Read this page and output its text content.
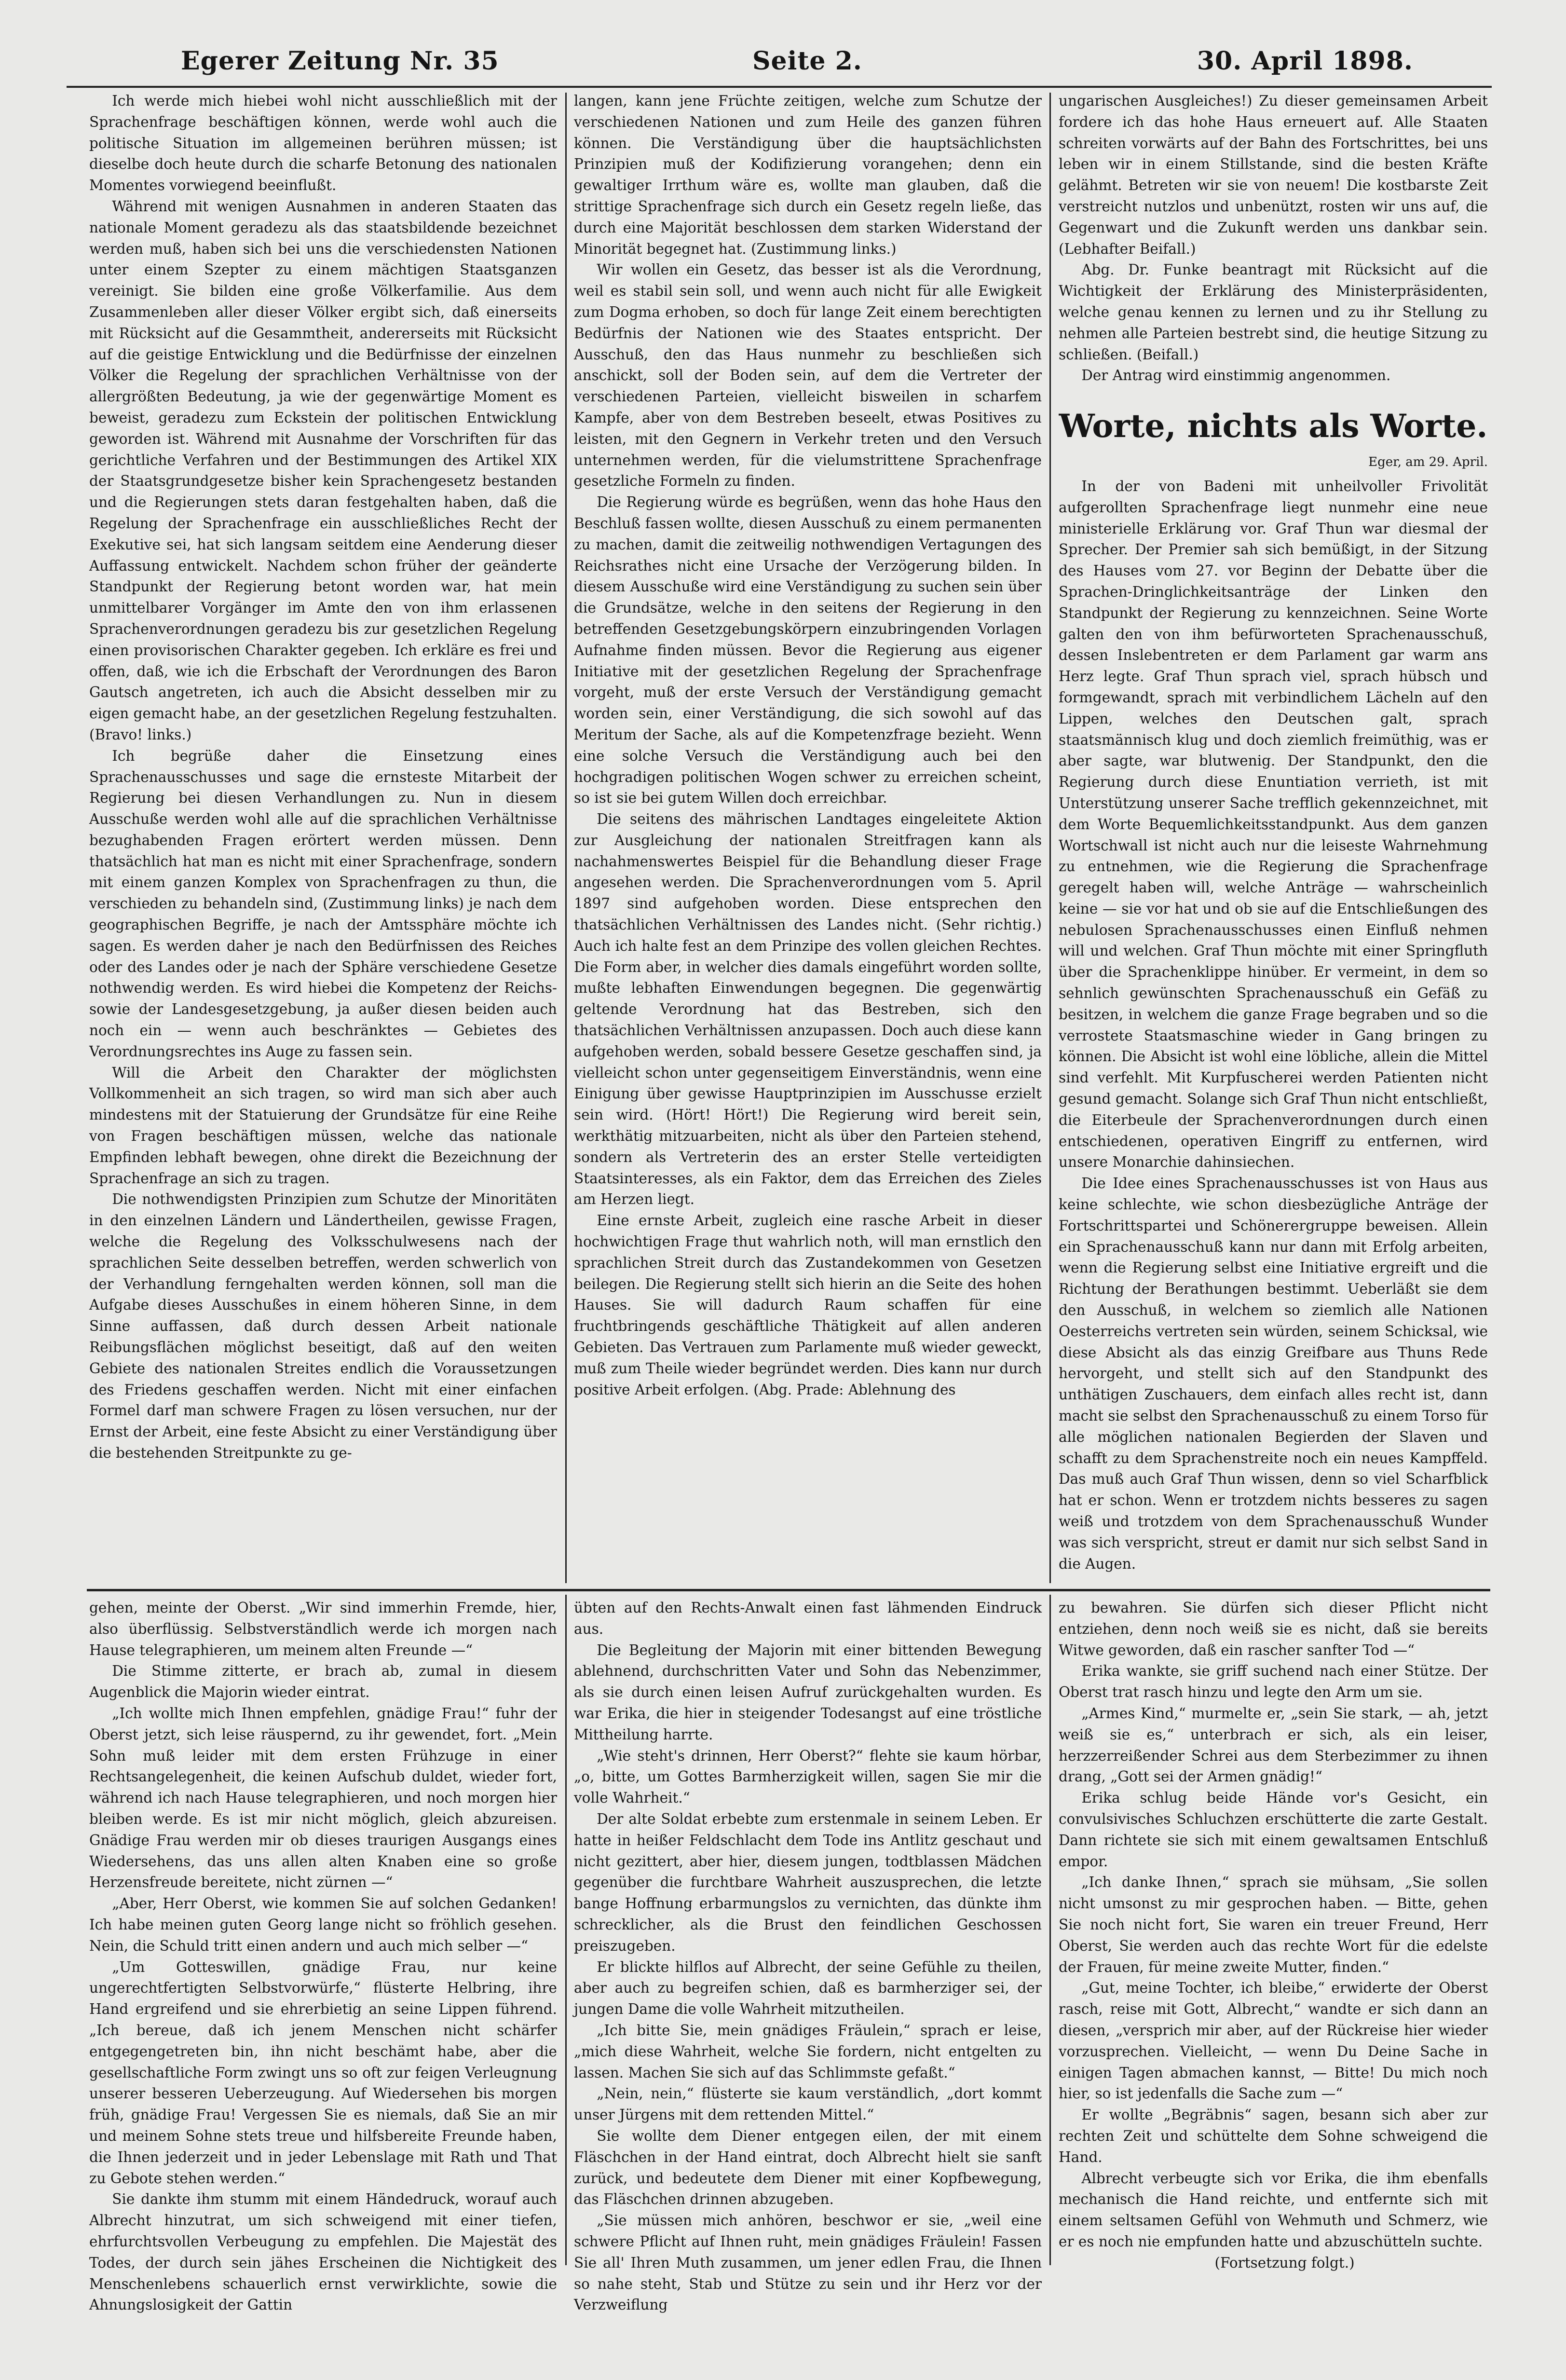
Egerer Zeitung Nr. 35	Seite 2.	30. April 1898.

Ich werde mich hiebei wohl nicht ausschließlich mit der Sprachenfrage beschäftigen können, werde wohl auch die politische Situation im allgemeinen berühren müssen; ist dieselbe doch heute durch die scharfe Betonung des nationalen Momentes vorwiegend beeinflußt.

Während mit wenigen Ausnahmen in anderen Staaten das nationale Moment geradezu als das staatsbildende bezeichnet werden muß, haben sich bei uns die verschiedensten Nationen unter einem Szepter zu einem mächtigen Staatsganzen vereinigt. Sie bilden eine große Völkerfamilie. Aus dem Zusammenleben aller dieser Völker ergibt sich, daß einerseits mit Rücksicht auf die Gesammtheit, andererseits mit Rücksicht auf die geistige Entwicklung und die Bedürfnisse der einzelnen Völker die Regelung der sprachlichen Verhältnisse von der allergrößten Bedeutung, ja wie der gegenwärtige Moment es beweist, geradezu zum Eckstein der politischen Entwicklung geworden ist. Während mit Ausnahme der Vorschriften für das gerichtliche Verfahren und der Bestimmungen des Artikel XIX der Staatsgrundgesetze bisher kein Sprachengesetz bestanden und die Regierungen stets daran festgehalten haben, daß die Regelung der Sprachenfrage ein ausschließliches Recht der Exekutive sei, hat sich langsam seitdem eine Aenderung dieser Auffassung entwickelt. Nachdem schon früher der geänderte Standpunkt der Regierung betont worden war, hat mein unmittelbarer Vorgänger im Amte den von ihm erlassenen Sprachenverordnungen geradezu bis zur gesetzlichen Regelung einen provisorischen Charakter gegeben. Ich erkläre es frei und offen, daß, wie ich die Erbschaft der Verordnungen des Baron Gautsch angetreten, ich auch die Absicht desselben mir zu eigen gemacht habe, an der gesetzlichen Regelung festzuhalten. (Bravo! links.)

Ich begrüße daher die Einsetzung eines Sprachenausschusses und sage die ernsteste Mitarbeit der Regierung bei diesen Verhandlungen zu. Nun in diesem Ausschuße werden wohl alle auf die sprachlichen Verhältnisse bezughabenden Fragen erörtert werden müssen. Denn thatsächlich hat man es nicht mit einer Sprachenfrage, sondern mit einem ganzen Komplex von Sprachenfragen zu thun, die verschieden zu behandeln sind, (Zustimmung links) je nach dem geographischen Begriffe, je nach der Amtssphäre möchte ich sagen. Es werden daher je nach den Bedürfnissen des Reiches oder des Landes oder je nach der Sphäre verschiedene Gesetze nothwendig werden. Es wird hiebei die Kompetenz der Reichs- sowie der Landesgesetzgebung, ja außer diesen beiden auch noch ein — wenn auch beschränktes — Gebietes des Verordnungsrechtes ins Auge zu fassen sein.

Will die Arbeit den Charakter der möglichsten Vollkommenheit an sich tragen, so wird man sich aber auch mindestens mit der Statuierung der Grundsätze für eine Reihe von Fragen beschäftigen müssen, welche das nationale Empfinden lebhaft bewegen, ohne direkt die Bezeichnung der Sprachenfrage an sich zu tragen.

Die nothwendigsten Prinzipien zum Schutze der Minoritäten in den einzelnen Ländern und Ländertheilen, gewisse Fragen, welche die Regelung des Volksschulwesens nach der sprachlichen Seite desselben betreffen, werden schwerlich von der Verhandlung ferngehalten werden können, soll man die Aufgabe dieses Ausschußes in einem höheren Sinne, in dem Sinne auffassen, daß durch dessen Arbeit nationale Reibungsflächen möglichst beseitigt, daß auf den weiten Gebiete des nationalen Streites endlich die Voraussetzungen des Friedens geschaffen werden. Nicht mit einer einfachen Formel darf man schwere Fragen zu lösen versuchen, nur der Ernst der Arbeit, eine feste Absicht zu einer Verständigung über die bestehenden Streitpunkte zu ge-

langen, kann jene Früchte zeitigen, welche zum Schutze der verschiedenen Nationen und zum Heile des ganzen führen können. Die Verständigung über die hauptsächlichsten Prinzipien muß der Kodifizierung vorangehen; denn ein gewaltiger Irrthum wäre es, wollte man glauben, daß die strittige Sprachenfrage sich durch ein Gesetz regeln ließe, das durch eine Majorität beschlossen dem starken Widerstand der Minorität begegnet hat. (Zustimmung links.)

Wir wollen ein Gesetz, das besser ist als die Verordnung, weil es stabil sein soll, und wenn auch nicht für alle Ewigkeit zum Dogma erhoben, so doch für lange Zeit einem berechtigten Bedürfnis der Nationen wie des Staates entspricht. Der Ausschuß, den das Haus nunmehr zu beschließen sich anschickt, soll der Boden sein, auf dem die Vertreter der verschiedenen Parteien, vielleicht bisweilen in scharfem Kampfe, aber von dem Bestreben beseelt, etwas Positives zu leisten, mit den Gegnern in Verkehr treten und den Versuch unternehmen werden, für die vielumstrittene Sprachenfrage gesetzliche Formeln zu finden.

Die Regierung würde es begrüßen, wenn das hohe Haus den Beschluß fassen wollte, diesen Ausschuß zu einem permanenten zu machen, damit die zeitweilig nothwendigen Vertagungen des Reichsrathes nicht eine Ursache der Verzögerung bilden. In diesem Ausschuße wird eine Verständigung zu suchen sein über die Grundsätze, welche in den seitens der Regierung in den betreffenden Gesetzgebungskörpern einzubringenden Vorlagen Aufnahme finden müssen. Bevor die Regierung aus eigener Initiative mit der gesetzlichen Regelung der Sprachenfrage vorgeht, muß der erste Versuch der Verständigung gemacht worden sein, einer Verständigung, die sich sowohl auf das Meritum der Sache, als auf die Kompetenzfrage bezieht. Wenn eine solche Versuch die Verständigung auch bei den hochgradigen politischen Wogen schwer zu erreichen scheint, so ist sie bei gutem Willen doch erreichbar.

Die seitens des mährischen Landtages eingeleitete Aktion zur Ausgleichung der nationalen Streitfragen kann als nachahmenswertes Beispiel für die Behandlung dieser Frage angesehen werden. Die Sprachenverordnungen vom 5. April 1897 sind aufgehoben worden. Diese entsprechen den thatsächlichen Verhältnissen des Landes nicht. (Sehr richtig.) Auch ich halte fest an dem Prinzipe des vollen gleichen Rechtes. Die Form aber, in welcher dies damals eingeführt worden sollte, mußte lebhaften Einwendungen begegnen. Die gegenwärtig geltende Verordnung hat das Bestreben, sich den thatsächlichen Verhältnissen anzupassen. Doch auch diese kann aufgehoben werden, sobald bessere Gesetze geschaffen sind, ja vielleicht schon unter gegenseitigem Einverständnis, wenn eine Einigung über gewisse Hauptprinzipien im Ausschusse erzielt sein wird. (Hört! Hört!) Die Regierung wird bereit sein, werkthätig mitzuarbeiten, nicht als über den Parteien stehend, sondern als Vertreterin des an erster Stelle verteidigten Staatsinteresses, als ein Faktor, dem das Erreichen des Zieles am Herzen liegt.

Eine ernste Arbeit, zugleich eine rasche Arbeit in dieser hochwichtigen Frage thut wahrlich noth, will man ernstlich den sprachlichen Streit durch das Zustandekommen von Gesetzen beilegen. Die Regierung stellt sich hierin an die Seite des hohen Hauses. Sie will dadurch Raum schaffen für eine fruchtbringends geschäftliche Thätigkeit auf allen anderen Gebieten. Das Vertrauen zum Parlamente muß wieder geweckt, muß zum Theile wieder begründet werden. Dies kann nur durch positive Arbeit erfolgen. (Abg. Prade: Ablehnung des

ungarischen Ausgleiches!) Zu dieser gemeinsamen Arbeit fordere ich das hohe Haus erneuert auf. Alle Staaten schreiten vorwärts auf der Bahn des Fortschrittes, bei uns leben wir in einem Stillstande, sind die besten Kräfte gelähmt. Betreten wir sie von neuem! Die kostbarste Zeit verstreicht nutzlos und unbenützt, rosten wir uns auf, die Gegenwart und die Zukunft werden uns dankbar sein. (Lebhafter Beifall.)

Abg. Dr. Funke beantragt mit Rücksicht auf die Wichtigkeit der Erklärung des Ministerpräsidenten, welche genau kennen zu lernen und zu ihr Stellung zu nehmen alle Parteien bestrebt sind, die heutige Sitzung zu schließen. (Beifall.)

Der Antrag wird einstimmig angenommen.

Worte, nichts als Worte.
Eger, am 29. April.

In der von Badeni mit unheilvoller Frivolität aufgerollten Sprachenfrage liegt nunmehr eine neue ministerielle Erklärung vor. Graf Thun war diesmal der Sprecher. Der Premier sah sich bemüßigt, in der Sitzung des Hauses vom 27. vor Beginn der Debatte über die Sprachen-Dringlichkeitsanträge der Linken den Standpunkt der Regierung zu kennzeichnen. Seine Worte galten den von ihm befürworteten Sprachenausschuß, dessen Inslebentreten er dem Parlament gar warm ans Herz legte. Graf Thun sprach viel, sprach hübsch und formgewandt, sprach mit verbindlichem Lächeln auf den Lippen, welches den Deutschen galt, sprach staatsmännisch klug und doch ziemlich freimüthig, was er aber sagte, war blutwenig. Der Standpunkt, den die Regierung durch diese Enuntiation verrieth, ist mit Unterstützung unserer Sache trefflich gekennzeichnet, mit dem Worte Bequemlichkeitsstandpunkt. Aus dem ganzen Wortschwall ist nicht auch nur die leiseste Wahrnehmung zu entnehmen, wie die Regierung die Sprachenfrage geregelt haben will, welche Anträge — wahrscheinlich keine — sie vor hat und ob sie auf die Entschließungen des nebulosen Sprachenausschusses einen Einfluß nehmen will und welchen. Graf Thun möchte mit einer Springfluth über die Sprachenklippe hinüber. Er vermeint, in dem so sehnlich gewünschten Sprachenausschuß ein Gefäß zu besitzen, in welchem die ganze Frage begraben und so die verrostete Staatsmaschine wieder in Gang bringen zu können. Die Absicht ist wohl eine löbliche, allein die Mittel sind verfehlt. Mit Kurpfuscherei werden Patienten nicht gesund gemacht. Solange sich Graf Thun nicht entschließt, die Eiterbeule der Sprachenverordnungen durch einen entschiedenen, operativen Eingriff zu entfernen, wird unsere Monarchie dahinsiechen.

Die Idee eines Sprachenausschusses ist von Haus aus keine schlechte, wie schon diesbezügliche Anträge der Fortschrittspartei und Schönerergruppe beweisen. Allein ein Sprachenausschuß kann nur dann mit Erfolg arbeiten, wenn die Regierung selbst eine Initiative ergreift und die Richtung der Berathungen bestimmt. Ueberläßt sie dem den Ausschuß, in welchem so ziemlich alle Nationen Oesterreichs vertreten sein würden, seinem Schicksal, wie diese Absicht als das einzig Greifbare aus Thuns Rede hervorgeht, und stellt sich auf den Standpunkt des unthätigen Zuschauers, dem einfach alles recht ist, dann macht sie selbst den Sprachenausschuß zu einem Torso für alle möglichen nationalen Begierden der Slaven und schafft zu dem Sprachenstreite noch ein neues Kampffeld. Das muß auch Graf Thun wissen, denn so viel Scharfblick hat er schon. Wenn er trotzdem nichts besseres zu sagen weiß und trotzdem von dem Sprachenausschuß Wunder was sich verspricht, streut er damit nur sich selbst Sand in die Augen.

gehen, meinte der Oberst. „Wir sind immerhin Fremde, hier, also überflüssig. Selbstverständlich werde ich morgen nach Hause telegraphieren, um meinem alten Freunde —“

Die Stimme zitterte, er brach ab, zumal in diesem Augenblick die Majorin wieder eintrat.

„Ich wollte mich Ihnen empfehlen, gnädige Frau!“ fuhr der Oberst jetzt, sich leise räuspernd, zu ihr gewendet, fort. „Mein Sohn muß leider mit dem ersten Frühzuge in einer Rechtsangelegenheit, die keinen Aufschub duldet, wieder fort, während ich nach Hause telegraphieren, und noch morgen hier bleiben werde. Es ist mir nicht möglich, gleich abzureisen. Gnädige Frau werden mir ob dieses traurigen Ausgangs eines Wiedersehens, das uns allen alten Knaben eine so große Herzensfreude bereitete, nicht zürnen —“

„Aber, Herr Oberst, wie kommen Sie auf solchen Gedanken! Ich habe meinen guten Georg lange nicht so fröhlich gesehen. Nein, die Schuld tritt einen andern und auch mich selber —“

„Um Gotteswillen, gnädige Frau, nur keine ungerechtfertigten Selbstvorwürfe,“ flüsterte Helbring, ihre Hand ergreifend und sie ehrerbietig an seine Lippen führend. „Ich bereue, daß ich jenem Menschen nicht schärfer entgegengetreten bin, ihn nicht beschämt habe, aber die gesellschaftliche Form zwingt uns so oft zur feigen Verleugnung unserer besseren Ueberzeugung. Auf Wiedersehen bis morgen früh, gnädige Frau! Vergessen Sie es niemals, daß Sie an mir und meinem Sohne stets treue und hilfsbereite Freunde haben, die Ihnen jederzeit und in jeder Lebenslage mit Rath und That zu Gebote stehen werden.“

Sie dankte ihm stumm mit einem Händedruck, worauf auch Albrecht hinzutrat, um sich schweigend mit einer tiefen, ehrfurchtsvollen Verbeugung zu empfehlen. Die Majestät des Todes, der durch sein jähes Erscheinen die Nichtigkeit des Menschenlebens schauerlich ernst verwirklichte, sowie die Ahnungslosigkeit der Gattin

übten auf den Rechts-Anwalt einen fast lähmenden Eindruck aus.

Die Begleitung der Majorin mit einer bittenden Bewegung ablehnend, durchschritten Vater und Sohn das Nebenzimmer, als sie durch einen leisen Aufruf zurückgehalten wurden. Es war Erika, die hier in steigender Todesangst auf eine tröstliche Mittheilung harrte.

„Wie steht's drinnen, Herr Oberst?“ flehte sie kaum hörbar, „o, bitte, um Gottes Barmherzigkeit willen, sagen Sie mir die volle Wahrheit.“

Der alte Soldat erbebte zum erstenmale in seinem Leben. Er hatte in heißer Feldschlacht dem Tode ins Antlitz geschaut und nicht gezittert, aber hier, diesem jungen, todtblassen Mädchen gegenüber die furchtbare Wahrheit auszusprechen, die letzte bange Hoffnung erbarmungslos zu vernichten, das dünkte ihm schrecklicher, als die Brust den feindlichen Geschossen preiszugeben.

Er blickte hilflos auf Albrecht, der seine Gefühle zu theilen, aber auch zu begreifen schien, daß es barmherziger sei, der jungen Dame die volle Wahrheit mitzutheilen.

„Ich bitte Sie, mein gnädiges Fräulein,“ sprach er leise, „mich diese Wahrheit, welche Sie fordern, nicht entgelten zu lassen. Machen Sie sich auf das Schlimmste gefaßt.“

„Nein, nein,“ flüsterte sie kaum verständlich, „dort kommt unser Jürgens mit dem rettenden Mittel.“

Sie wollte dem Diener entgegen eilen, der mit einem Fläschchen in der Hand eintrat, doch Albrecht hielt sie sanft zurück, und bedeutete dem Diener mit einer Kopfbewegung, das Fläschchen drinnen abzugeben.

„Sie müssen mich anhören, beschwor er sie, „weil eine schwere Pflicht auf Ihnen ruht, mein gnädiges Fräulein! Fassen Sie all' Ihren Muth zusammen, um jener edlen Frau, die Ihnen so nahe steht, Stab und Stütze zu sein und ihr Herz vor der Verzweiflung

zu bewahren. Sie dürfen sich dieser Pflicht nicht entziehen, denn noch weiß sie es nicht, daß sie bereits Witwe geworden, daß ein rascher sanfter Tod —“

Erika wankte, sie griff suchend nach einer Stütze. Der Oberst trat rasch hinzu und legte den Arm um sie.

„Armes Kind,“ murmelte er, „sein Sie stark, — ah, jetzt weiß sie es,“ unterbrach er sich, als ein leiser, herzzerreißender Schrei aus dem Sterbezimmer zu ihnen drang, „Gott sei der Armen gnädig!“

Erika schlug beide Hände vor's Gesicht, ein convulsivisches Schluchzen erschütterte die zarte Gestalt. Dann richtete sie sich mit einem gewaltsamen Entschluß empor.

„Ich danke Ihnen,“ sprach sie mühsam, „Sie sollen nicht umsonst zu mir gesprochen haben. — Bitte, gehen Sie noch nicht fort, Sie waren ein treuer Freund, Herr Oberst, Sie werden auch das rechte Wort für die edelste der Frauen, für meine zweite Mutter, finden.“

„Gut, meine Tochter, ich bleibe,“ erwiderte der Oberst rasch, reise mit Gott, Albrecht,“ wandte er sich dann an diesen, „versprich mir aber, auf der Rückreise hier wieder vorzusprechen. Vielleicht, — wenn Du Deine Sache in einigen Tagen abmachen kannst, — Bitte! Du mich noch hier, so ist jedenfalls die Sache zum —“

Er wollte „Begräbnis“ sagen, besann sich aber zur rechten Zeit und schüttelte dem Sohne schweigend die Hand.

Albrecht verbeugte sich vor Erika, die ihm ebenfalls mechanisch die Hand reichte, und entfernte sich mit einem seltsamen Gefühl von Wehmuth und Schmerz, wie er es noch nie empfunden hatte und abzuschütteln suchte.

(Fortsetzung folgt.)
